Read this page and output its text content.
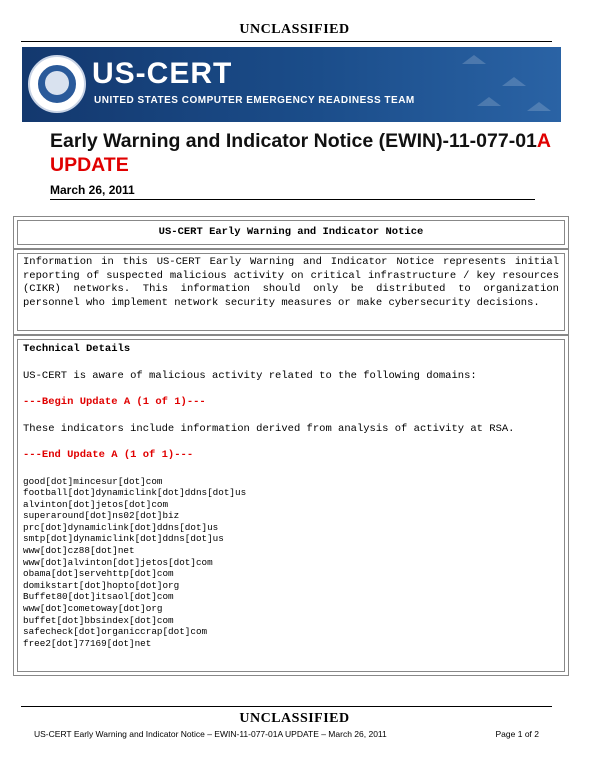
UNCLASSIFIED
US-CERT
UNITED STATES COMPUTER EMERGENCY READINESS TEAM
Early Warning and Indicator Notice (EWIN)-11-077-01A
UPDATE
March 26, 2011
US-CERT Early Warning and Indicator Notice
Information in this US-CERT Early Warning and Indicator Notice represents initial reporting of suspected malicious activity on critical infrastructure / key resources (CIKR) networks. This information should only be distributed to organization personnel who implement network security measures or make cybersecurity decisions.
Technical Details
US-CERT is aware of malicious activity related to the following domains:
---Begin Update A (1 of 1)---
These indicators include information derived from analysis of activity at RSA.
---End Update A (1 of 1)---
good[dot]mincesur[dot]com
football[dot]dynamiclink[dot]ddns[dot]us
alvinton[dot]jetos[dot]com
superaround[dot]ns02[dot]biz
prc[dot]dynamiclink[dot]ddns[dot]us
smtp[dot]dynamiclink[dot]ddns[dot]us
www[dot]cz88[dot]net
www[dot]alvinton[dot]jetos[dot]com
obama[dot]servehttp[dot]com
domikstart[dot]hopto[dot]org
Buffet80[dot]itsaol[dot]com
www[dot]cometoway[dot]org
buffet[dot]bbsindex[dot]com
safecheck[dot]organiccrap[dot]com
free2[dot]77169[dot]net
UNCLASSIFIED
US-CERT Early Warning and Indicator Notice – EWIN-11-077-01A UPDATE – March 26, 2011	Page 1 of 2
